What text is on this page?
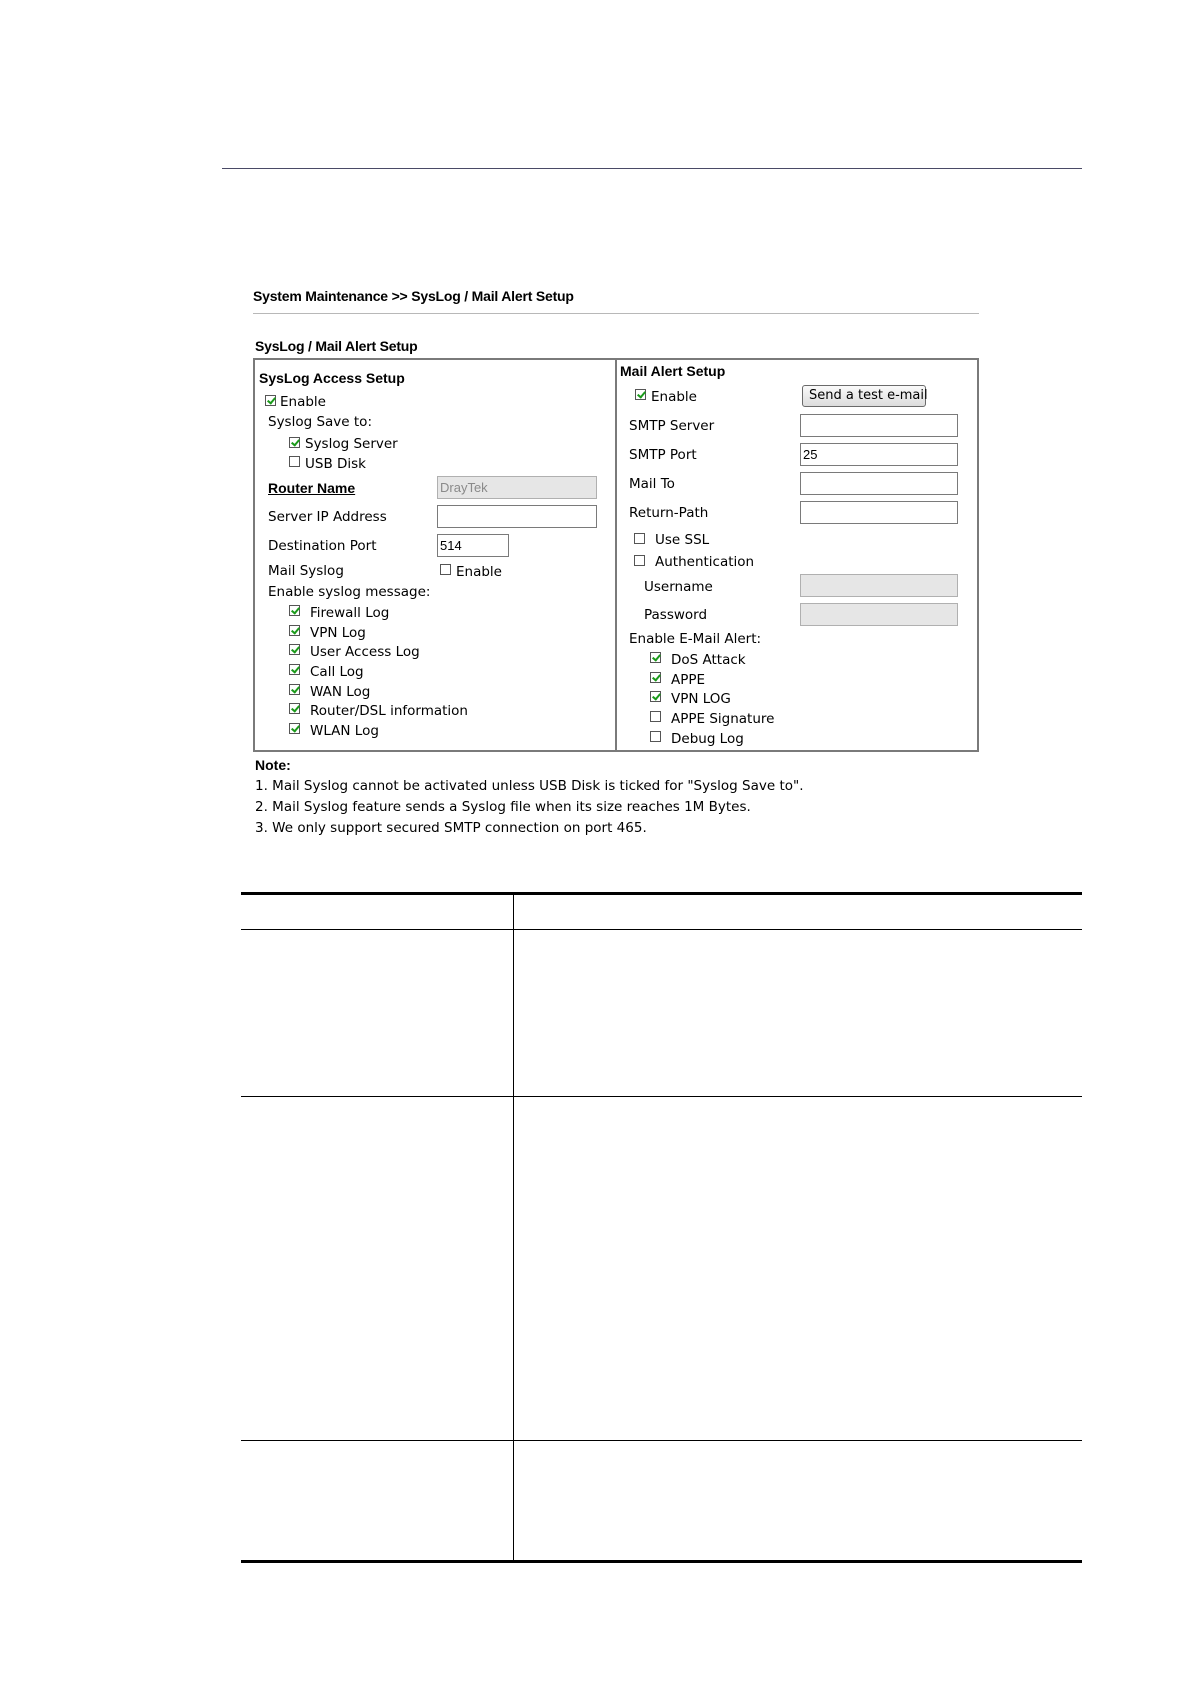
System Maintenance >> SysLog / Mail Alert Setup
SysLog / Mail Alert Setup
SysLog Access Setup
Enable
Syslog Save to:
Syslog Server
USB Disk
Router Name
DrayTek
Server IP Address
Destination Port
514
Mail Syslog	Enable
Enable syslog message:
Firewall Log
VPN Log
User Access Log
Call Log
WAN Log
Router/DSL information
WLAN Log
Mail Alert Setup
Enable	Send a test e-mail
SMTP Server
SMTP Port
25
Mail To
Return-Path
Use SSL
Authentication
Username
Password
Enable E-Mail Alert:
DoS Attack
APPE
VPN LOG
APPE Signature
Debug Log
Note:
1. Mail Syslog cannot be activated unless USB Disk is ticked for "Syslog Save to".
2. Mail Syslog feature sends a Syslog file when its size reaches 1M Bytes.
3. We only support secured SMTP connection on port 465.
